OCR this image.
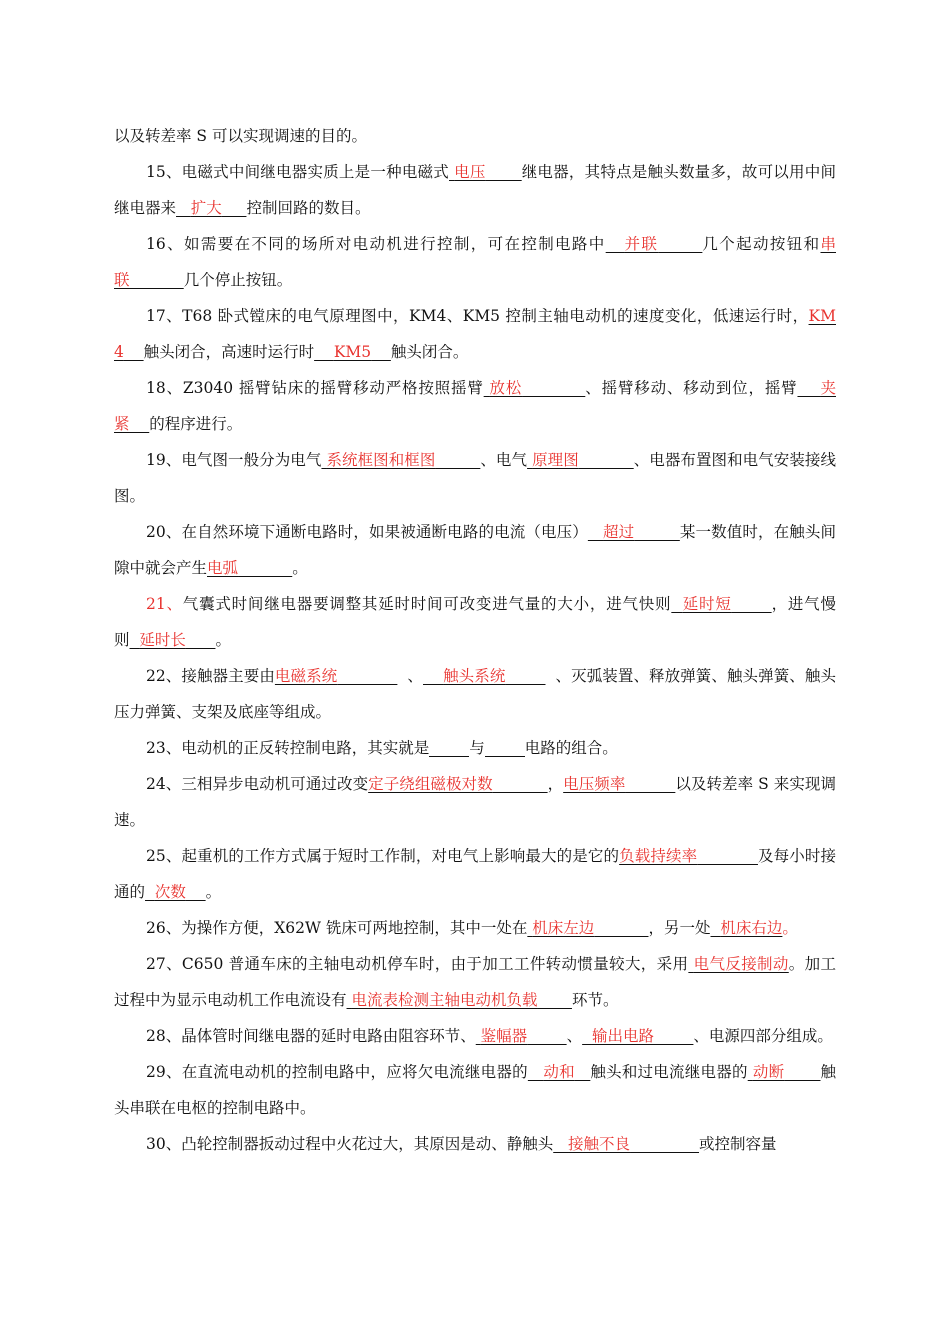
以及转差率 S 可以实现调速的目的。
15、电磁式中间继电器实质上是一种电磁式 电压 继电器，其特点是触头数量多，故可以用中间继电器来 扩大 控制回路的数目。
16、如需要在不同的场所对电动机进行控制，可在控制电路中 并联	几个起动按钮和串联	几个停止按钮。
17、T68 卧式镗床的电气原理图中，KM4、KM5 控制主轴电动机的速度变化，低速运行时，KM4 触头闭合，高速时运行时 KM5 触头闭合。
18、Z3040 摇臂钻床的摇臂移动严格按照摇臂 放松	、摇臂移动、移动到位，摇臂 夹紧 的程序进行。
19、电气图一般分为电气 系统框图和框图	、电气 原理图	、电器布置图和电气安装接线图。
20、在自然环境下通断电路时，如果被通断电路的电流（电压） 超过	某一数值时，在触头间隙中就会产生电弧	。
21、气囊式时间继电器要调整其延时时间可改变进气量的大小，进气快则 延时短	，进气慢则 延时长 。
22、接触器主要由电磁系统	、 触头系统	、灭弧装置、释放弹簧、触头弹簧、触头压力弹簧、支架及底座等组成。
23、电动机的正反转控制电路，其实就是	与	电路的组合。
24、三相异步电动机可通过改变定子绕组磁极对数	，电压频率	以及转差率 S 来实现调速。
25、起重机的工作方式属于短时工作制，对电气上影响最大的是它的负载持续率	及每小时接通的 次数 。
26、为操作方便，X62W 铣床可两地控制，其中一处在 机床左边	，另一处 机床右边。
27、C650 普通车床的主轴电动机停车时，由于加工工件转动惯量较大，采用 电气反接制动。加工过程中为显示电动机工作电流设有 电流表检测主轴电动机负载 环节。
28、晶体管时间继电器的延时电路由阻容环节、 鉴幅器	、 输出电路	、电源四部分组成。
29、在直流电动机的控制电路中，应将欠电流继电器的 动和 触头和过电流继电器的 动断 触头串联在电枢的控制电路中。
30、凸轮控制器扳动过程中火花过大，其原因是动、静触头 接触不良	或控制容量
